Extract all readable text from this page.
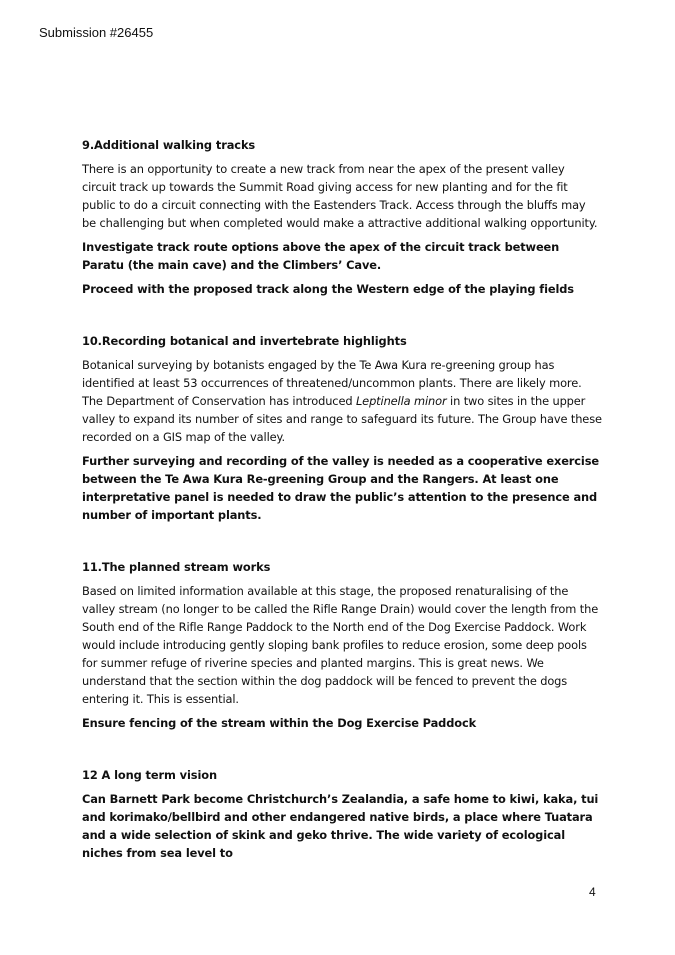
Submission #26455

9.Additional walking tracks

There is an opportunity to create a new track from near the apex of the present valley circuit track up towards the Summit Road giving access for new planting and for the fit public to do a circuit connecting with the Eastenders Track. Access through the bluffs may be challenging but when completed would make a attractive additional walking opportunity.

Investigate track route options above the apex of the circuit track between Paratu (the main cave) and the Climbers’ Cave.

Proceed with the proposed track along the Western edge of the playing fields

10.Recording botanical and invertebrate highlights

Botanical surveying by botanists engaged by the Te Awa Kura re-greening group has identified at least 53 occurrences of threatened/uncommon plants. There are likely more. The Department of Conservation has introduced Leptinella minor in two sites in the upper valley to expand its number of sites and range to safeguard its future. The Group have these recorded on a GIS map of the valley.

Further surveying and recording of the valley is needed as a cooperative exercise between the Te Awa Kura Re-greening Group and the Rangers. At least one interpretative panel is needed to draw the public’s attention to the presence and number of important plants.

11.The planned stream works

Based on limited information available at this stage, the proposed renaturalising of the valley stream (no longer to be called the Rifle Range Drain) would cover the length from the South end of the Rifle Range Paddock to the North end of the Dog Exercise Paddock. Work would include introducing gently sloping bank profiles to reduce erosion, some deep pools for summer refuge of riverine species and planted margins. This is great news. We understand that the section within the dog paddock will be fenced to prevent the dogs entering it. This is essential.

Ensure fencing of the stream within the Dog Exercise Paddock

12 A long term vision

Can Barnett Park become Christchurch’s Zealandia, a safe home to kiwi, kaka, tui and korimako/bellbird and other endangered native birds, a place where Tuatara and a wide selection of skink and geko thrive. The wide variety of ecological niches from sea level to

4
